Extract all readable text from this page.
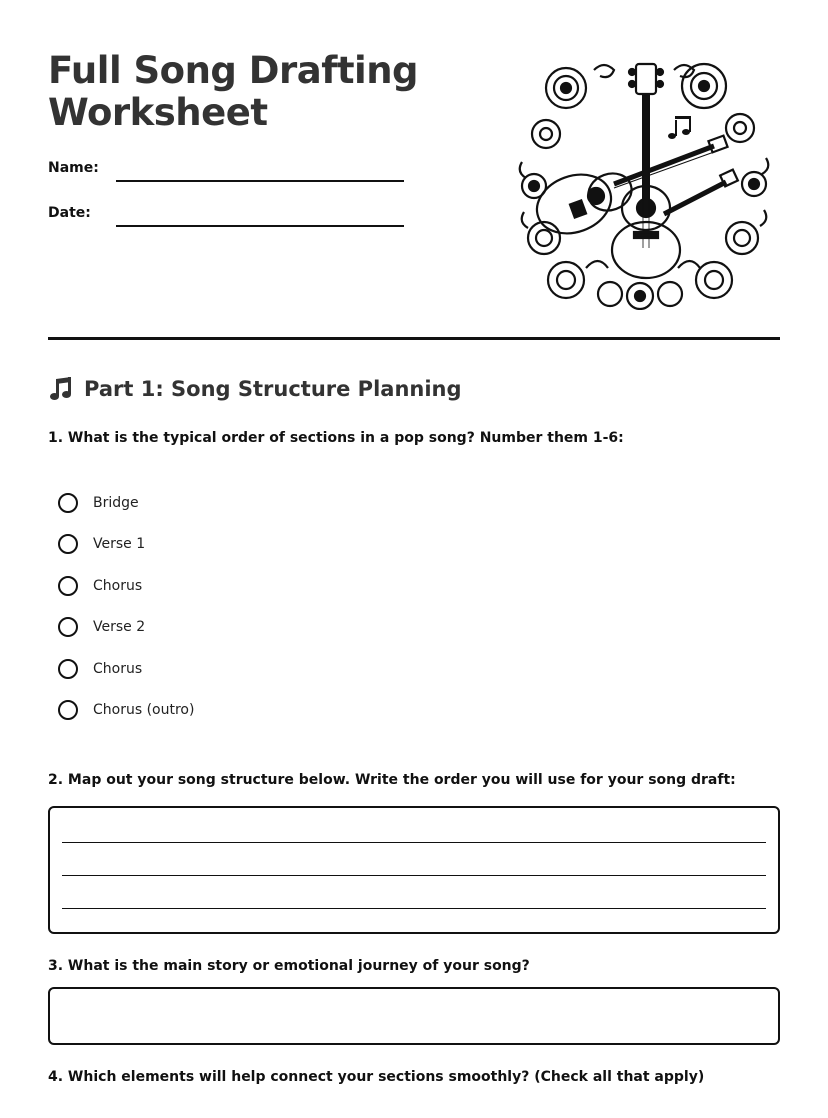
Full Song Drafting Worksheet
Name:
Date:
Part 1: Song Structure Planning
1. What is the typical order of sections in a pop song? Number them 1-6:
Bridge
Verse 1
Chorus
Verse 2
Chorus
Chorus (outro)
2. Map out your song structure below. Write the order you will use for your song draft:
3. What is the main story or emotional journey of your song?
4. Which elements will help connect your sections smoothly? (Check all that apply)
